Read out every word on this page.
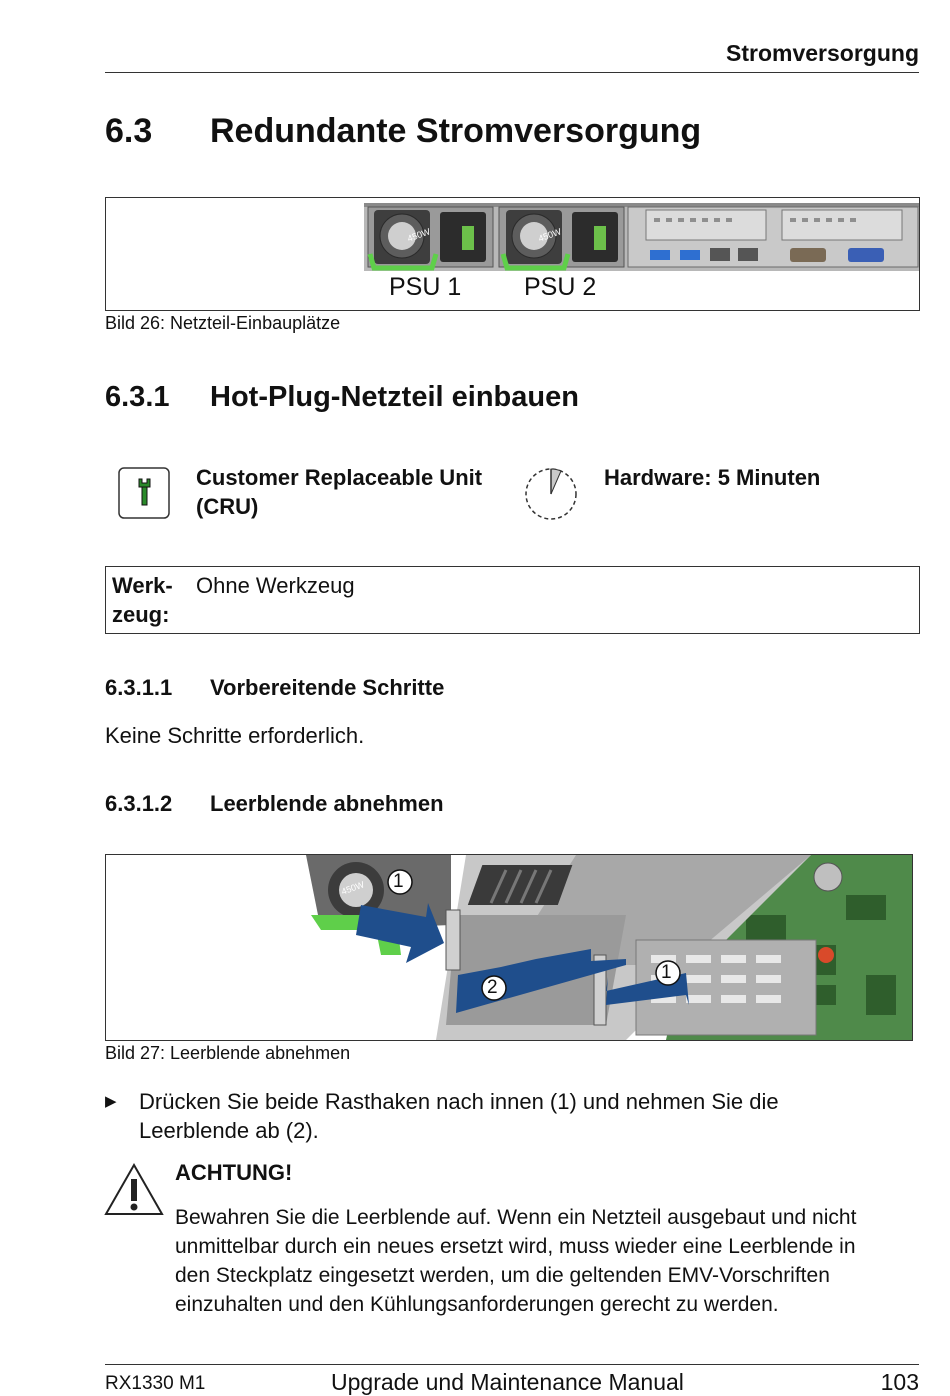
Stromversorgung
6.3 Redundante Stromversorgung
450W	450W
PSU 1	PSU 2
Bild 26: Netzteil-Einbauplätze
6.3.1 Hot-Plug-Netzteil einbauen
Customer Replaceable Unit
(CRU)
Hardware: 5 Minuten
Werk-
zeug:
Ohne Werkzeug
6.3.1.1 Vorbereitende Schritte
Keine Schritte erforderlich.
6.3.1.2 Leerblende abnehmen
1
2
1
450W
Bild 27: Leerblende abnehmen
▶ Drücken Sie beide Rasthaken nach innen (1) und nehmen Sie die
Leerblende ab (2).
ACHTUNG!
Bewahren Sie die Leerblende auf. Wenn ein Netzteil ausgebaut und nicht
unmittelbar durch ein neues ersetzt wird, muss wieder eine Leerblende in
den Steckplatz eingesetzt werden, um die geltenden EMV-Vorschriften
einzuhalten und den Kühlungsanforderungen gerecht zu werden.
RX1330 M1	Upgrade und Maintenance Manual	103
